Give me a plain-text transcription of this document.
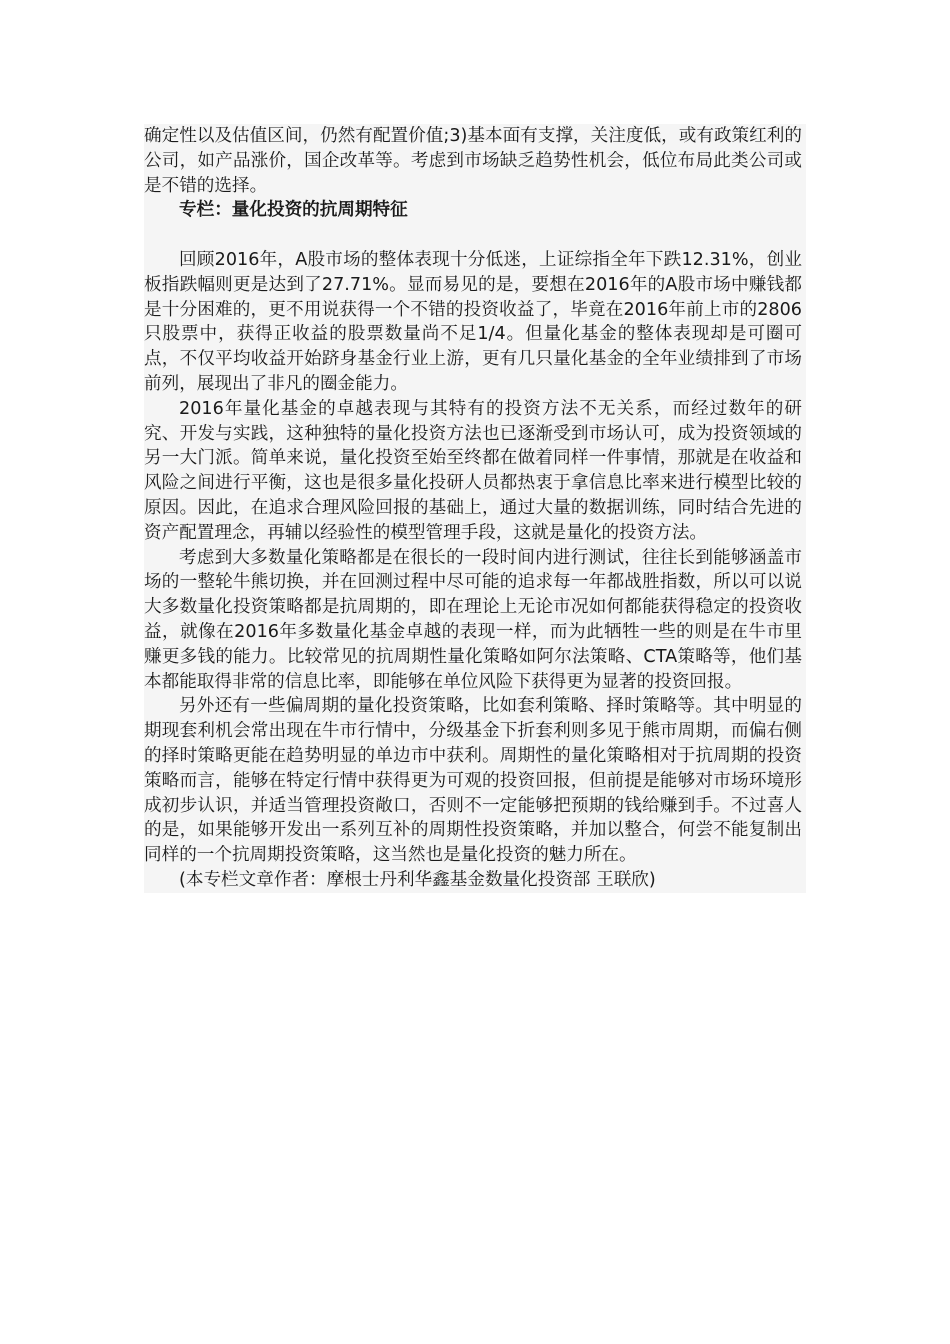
确定性以及估值区间，仍然有配置价值;3)基本面有支撑，关注度低，或有政策红利的公司，如产品涨价，国企改革等。考虑到市场缺乏趋势性机会，低位布局此类公司或是不错的选择。

专栏：量化投资的抗周期特征

回顾2016年，A股市场的整体表现十分低迷，上证综指全年下跌12.31%，创业板指跌幅则更是达到了27.71%。显而易见的是，要想在2016年的A股市场中赚钱都是十分困难的，更不用说获得一个不错的投资收益了，毕竟在2016年前上市的2806只股票中，获得正收益的股票数量尚不足1/4。但量化基金的整体表现却是可圈可点，不仅平均收益开始跻身基金行业上游，更有几只量化基金的全年业绩排到了市场前列，展现出了非凡的圈金能力。

2016年量化基金的卓越表现与其特有的投资方法不无关系，而经过数年的研究、开发与实践，这种独特的量化投资方法也已逐渐受到市场认可，成为投资领域的另一大门派。简单来说，量化投资至始至终都在做着同样一件事情，那就是在收益和风险之间进行平衡，这也是很多量化投研人员都热衷于拿信息比率来进行模型比较的原因。因此，在追求合理风险回报的基础上，通过大量的数据训练，同时结合先进的资产配置理念，再辅以经验性的模型管理手段，这就是量化的投资方法。

考虑到大多数量化策略都是在很长的一段时间内进行测试，往往长到能够涵盖市场的一整轮牛熊切换，并在回测过程中尽可能的追求每一年都战胜指数，所以可以说大多数量化投资策略都是抗周期的，即在理论上无论市况如何都能获得稳定的投资收益，就像在2016年多数量化基金卓越的表现一样，而为此牺牲一些的则是在牛市里赚更多钱的能力。比较常见的抗周期性量化策略如阿尔法策略、CTA策略等，他们基本都能取得非常的信息比率，即能够在单位风险下获得更为显著的投资回报。

另外还有一些偏周期的量化投资策略，比如套利策略、择时策略等。其中明显的期现套利机会常出现在牛市行情中，分级基金下折套利则多见于熊市周期，而偏右侧的择时策略更能在趋势明显的单边市中获利。周期性的量化策略相对于抗周期的投资策略而言，能够在特定行情中获得更为可观的投资回报，但前提是能够对市场环境形成初步认识，并适当管理投资敞口，否则不一定能够把预期的钱给赚到手。不过喜人的是，如果能够开发出一系列互补的周期性投资策略，并加以整合，何尝不能复制出同样的一个抗周期投资策略，这当然也是量化投资的魅力所在。

(本专栏文章作者：摩根士丹利华鑫基金数量化投资部 王联欣)
